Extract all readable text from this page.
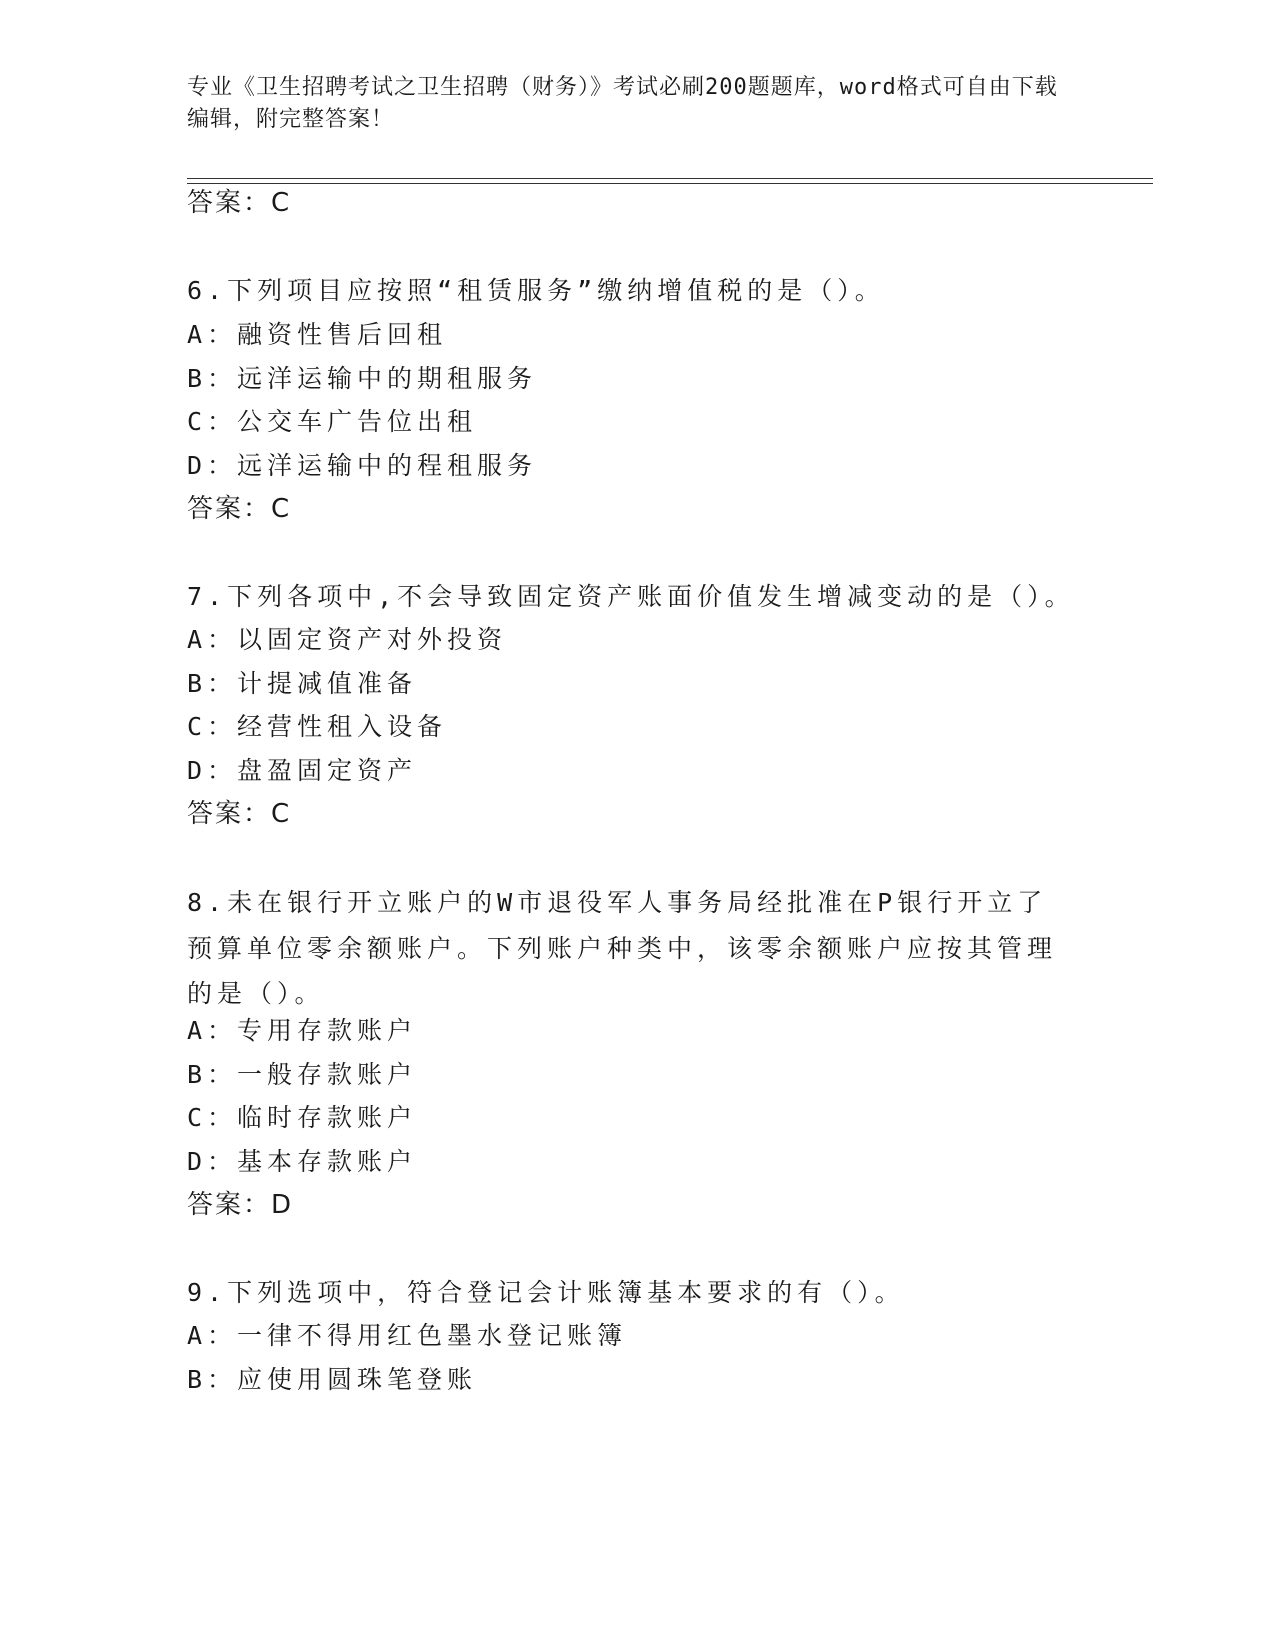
专业《卫生招聘考试之卫生招聘（财务）》考试必刷200题题库，word格式可自由下载编辑，附完整答案！
答案：C
6.下列项目应按照“租赁服务”缴纳增值税的是（）。
A：融资性售后回租
B：远洋运输中的期租服务
C：公交车广告位出租
D：远洋运输中的程租服务
答案：C
7.下列各项中,不会导致固定资产账面价值发生增减变动的是（）。
A：以固定资产对外投资
B：计提减值准备
C：经营性租入设备
D：盘盈固定资产
答案：C
8.未在银行开立账户的W市退役军人事务局经批准在P银行开立了预算单位零余额账户。下列账户种类中，该零余额账户应按其管理的是（）。
A：专用存款账户
B：一般存款账户
C：临时存款账户
D：基本存款账户
答案：D
9.下列选项中，符合登记会计账簿基本要求的有（）。
A：一律不得用红色墨水登记账簿
B：应使用圆珠笔登账
